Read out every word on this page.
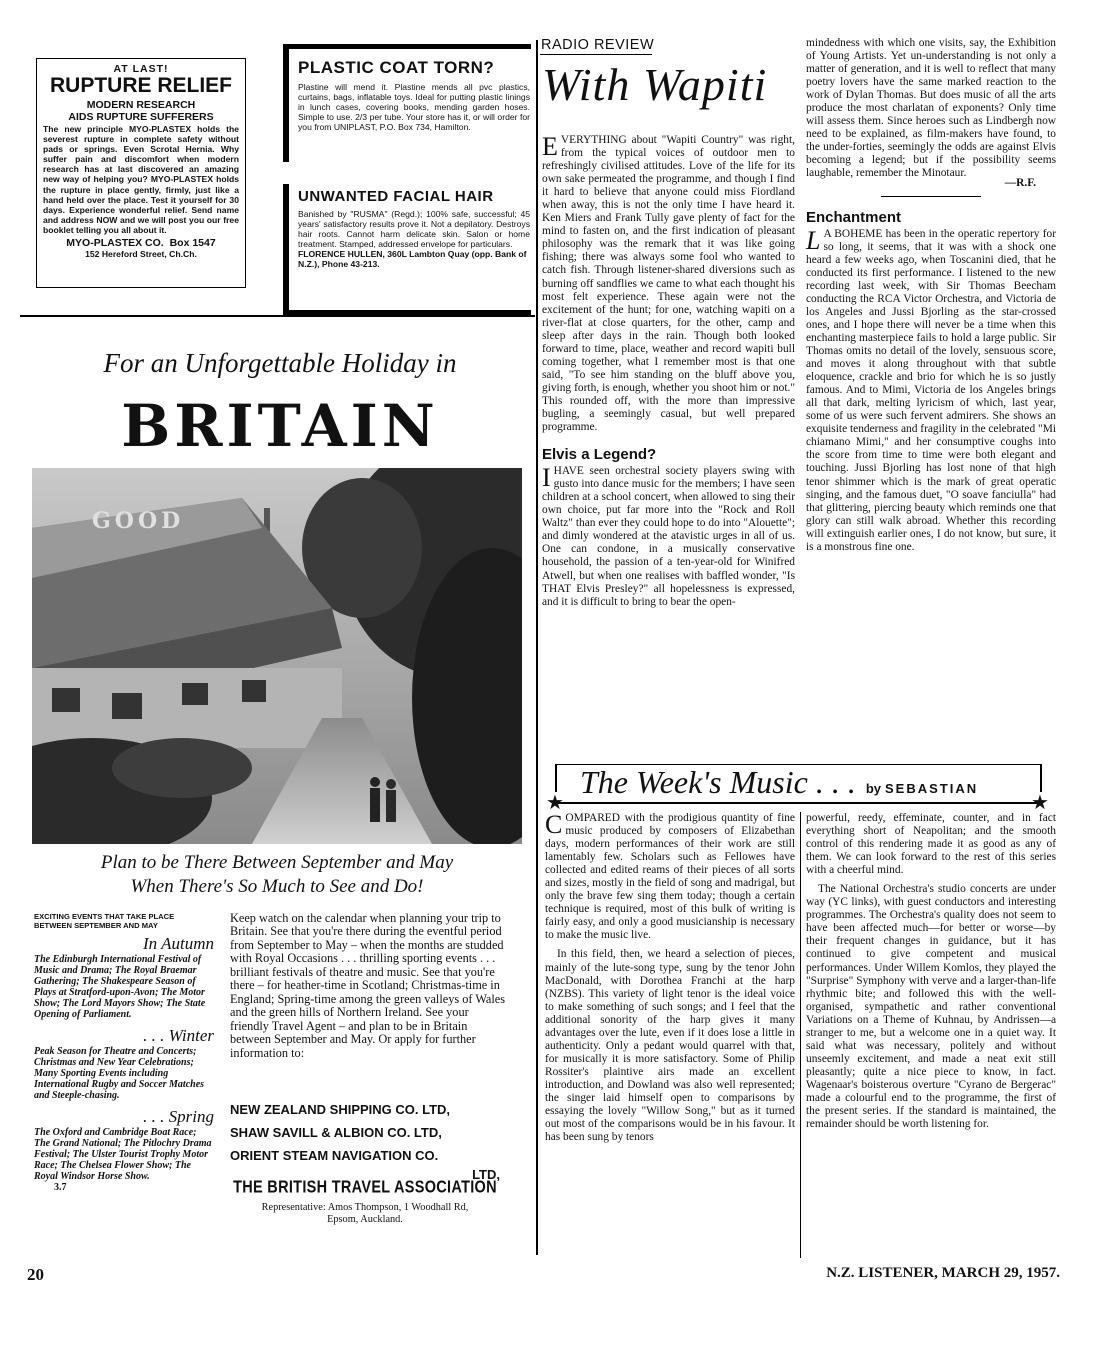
AT LAST!
RUPTURE RELIEF
MODERN RESEARCH
AIDS RUPTURE SUFFERERS
The new principle MYO-PLASTEX holds the severest rupture in complete safety without pads or springs. Even Scrotal Hernia. Why suffer pain and discomfort when modern research has at last discovered an amazing new way of helping you? MYO-PLASTEX holds the rupture in place gently, firmly, just like a hand held over the place. Test it yourself for 30 days. Experience wonderful relief. Send name and address NOW and we will post you our free booklet telling you all about it.
MYO-PLASTEX CO. Box 1547
152 Hereford Street, Ch.Ch.
PLASTIC COAT TORN?
Plastine will mend it. Plastine mends all pvc plastics, curtains, bags, inflatable toys. Ideal for putting plastic linings in lunch cases, covering books, mending garden hoses. Simple to use. 2/3 per tube. Your store has it, or will order for you from UNIPLAST, P.O. Box 734, Hamilton.
UNWANTED FACIAL HAIR
Banished by "RUSMA" (Regd.); 100% safe, successful; 45 years' satisfactory results prove it. Not a depilatory. Destroys hair roots. Cannot harm delicate skin. Salon or home treatment. Stamped, addressed envelope for particulars.
FLORENCE HULLEN, 360L Lambton Quay (opp. Bank of N.Z.), Phone 43-213.
For an Unforgettable Holiday in
BRITAIN
GOOD
Plan to be There Between September and May
When There's So Much to See and Do!
EXCITING EVENTS THAT TAKE PLACE BETWEEN SEPTEMBER AND MAY
In Autumn
The Edinburgh International Festival of Music and Drama; The Royal Braemar Gathering; The Shakespeare Season of Plays at Stratford-upon-Avon; The Motor Show; The Lord Mayors Show; The State Opening of Parliament.
. . . Winter
Peak Season for Theatre and Concerts; Christmas and New Year Celebrations; Many Sporting Events including International Rugby and Soccer Matches and Steeple-chasing.
. . . Spring
The Oxford and Cambridge Boat Race; The Grand National; The Pitlochry Drama Festival; The Ulster Tourist Trophy Motor Race; The Chelsea Flower Show; The Royal Windsor Horse Show.
3.7
Keep watch on the calendar when planning your trip to Britain. See that you're there during the eventful period from September to May – when the months are studded with Royal Occasions . . . thrilling sporting events . . . brilliant festivals of theatre and music. See that you're there – for heather-time in Scotland; Christmas-time in England; Spring-time among the green valleys of Wales and the green hills of Northern Ireland. See your friendly Travel Agent – and plan to be in Britain between September and May. Or apply for further information to:
NEW ZEALAND SHIPPING CO. LTD,
SHAW SAVILL & ALBION CO. LTD,
ORIENT STEAM NAVIGATION CO.
LTD,
THE BRITISH TRAVEL ASSOCIATION
Representative: Amos Thompson, 1 Woodhall Rd,
Epsom, Auckland.
RADIO REVIEW
With Wapiti

EVERYTHING about "Wapiti Country" was right, from the typical voices of outdoor men to refreshingly civilised attitudes. Love of the life for its own sake permeated the programme, and though I find it hard to believe that anyone could miss Fiordland when away, this is not the only time I have heard it. Ken Miers and Frank Tully gave plenty of fact for the mind to fasten on, and the first indication of pleasant philosophy was the remark that it was like going fishing; there was always some fool who wanted to catch fish. Through listener-shared diversions such as burning off sandflies we came to what each thought his most felt experience. These again were not the excitement of the hunt; for one, watching wapiti on a river-flat at close quarters, for the other, camp and sleep after days in the rain. Though both looked forward to time, place, weather and record wapiti bull coming together, what I remember most is that one said, "To see him standing on the bluff above you, giving forth, is enough, whether you shoot him or not." This rounded off, with the more than impressive bugling, a seemingly casual, but well prepared programme.

Elvis a Legend?

IHAVE seen orchestral society players swing with gusto into dance music for the members; I have seen children at a school concert, when allowed to sing their own choice, put far more into the "Rock and Roll Waltz" than ever they could hope to do into "Alouette"; and dimly wondered at the atavistic urges in all of us. One can condone, in a musically conservative household, the passion of a ten-year-old for Winifred Atwell, but when one realises with baffled wonder, "Is THAT Elvis Presley?" all hopelessness is expressed, and it is difficult to bring to bear the open-

mindedness with which one visits, say, the Exhibition of Young Artists. Yet un-understanding is not only a matter of generation, and it is well to reflect that many poetry lovers have the same marked reaction to the work of Dylan Thomas. But does music of all the arts produce the most charlatan of exponents? Only time will assess them. Since heroes such as Lindbergh now need to be explained, as film-makers have found, to the under-forties, seemingly the odds are against Elvis becoming a legend; but if the possibility seems laughable, remember the Minotaur.

—R.F.
Enchantment

L A BOHEME has been in the operatic repertory for so long, it seems, that it was with a shock one heard a few weeks ago, when Toscanini died, that he conducted its first performance. I listened to the new recording last week, with Sir Thomas Beecham conducting the RCA Victor Orchestra, and Victoria de los Angeles and Jussi Bjorling as the star-crossed ones, and I hope there will never be a time when this enchanting masterpiece fails to hold a large public. Sir Thomas omits no detail of the lovely, sensuous score, and moves it along throughout with that subtle eloquence, crackle and brio for which he is so justly famous. And to Mimi, Victoria de los Angeles brings all that dark, melting lyricism of which, last year, some of us were such fervent admirers. She shows an exquisite tenderness and fragility in the celebrated "Mi chiamano Mimi," and her consumptive coughs into the score from time to time were both elegant and touching. Jussi Bjorling has lost none of that high tenor shimmer which is the mark of great operatic singing, and the famous duet, "O soave fanciulla" had that glittering, piercing beauty which reminds one that glory can still walk abroad. Whether this recording will extinguish earlier ones, I do not know, but sure, it is a monstrous fine one.

★	★
The Week's Music . . . by SEBASTIAN

COMPARED with the prodigious quantity of fine music produced by composers of Elizabethan days, modern performances of their work are still lamentably few. Scholars such as Fellowes have collected and edited reams of their pieces of all sorts and sizes, mostly in the field of song and madrigal, but only the brave few sing them today; though a certain technique is required, most of this bulk of writing is fairly easy, and only a good musicianship is necessary to make the music live.

In this field, then, we heard a selection of pieces, mainly of the lute-song type, sung by the tenor John MacDonald, with Dorothea Franchi at the harp (NZBS). This variety of light tenor is the ideal voice to make something of such songs; and I feel that the additional sonority of the harp gives it many advantages over the lute, even if it does lose a little in authenticity. Only a pedant would quarrel with that, for musically it is more satisfactory. Some of Philip Rossiter's plaintive airs made an excellent introduction, and Dowland was also well represented; the singer laid himself open to comparisons by essaying the lovely "Willow Song," but as it turned out most of the comparisons would be in his favour. It has been sung by tenors

powerful, reedy, effeminate, counter, and in fact everything short of Neapolitan; and the smooth control of this rendering made it as good as any of them. We can look forward to the rest of this series with a cheerful mind.

The National Orchestra's studio concerts are under way (YC links), with guest conductors and interesting programmes. The Orchestra's quality does not seem to have been affected much—for better or worse—by their frequent changes in guidance, but it has continued to give competent and musical performances. Under Willem Komlos, they played the "Surprise" Symphony with verve and a larger-than-life rhythmic bite; and followed this with the well-organised, sympathetic and rather conventional Variations on a Theme of Kuhnau, by Andrissen—a stranger to me, but a welcome one in a quiet way. It said what was necessary, politely and without unseemly excitement, and made a neat exit still pleasantly; quite a nice piece to know, in fact. Wagenaar's boisterous overture "Cyrano de Bergerac" made a colourful end to the programme, the first of the present series. If the standard is maintained, the remainder should be worth listening for.

20	N.Z. LISTENER, MARCH 29, 1957.
